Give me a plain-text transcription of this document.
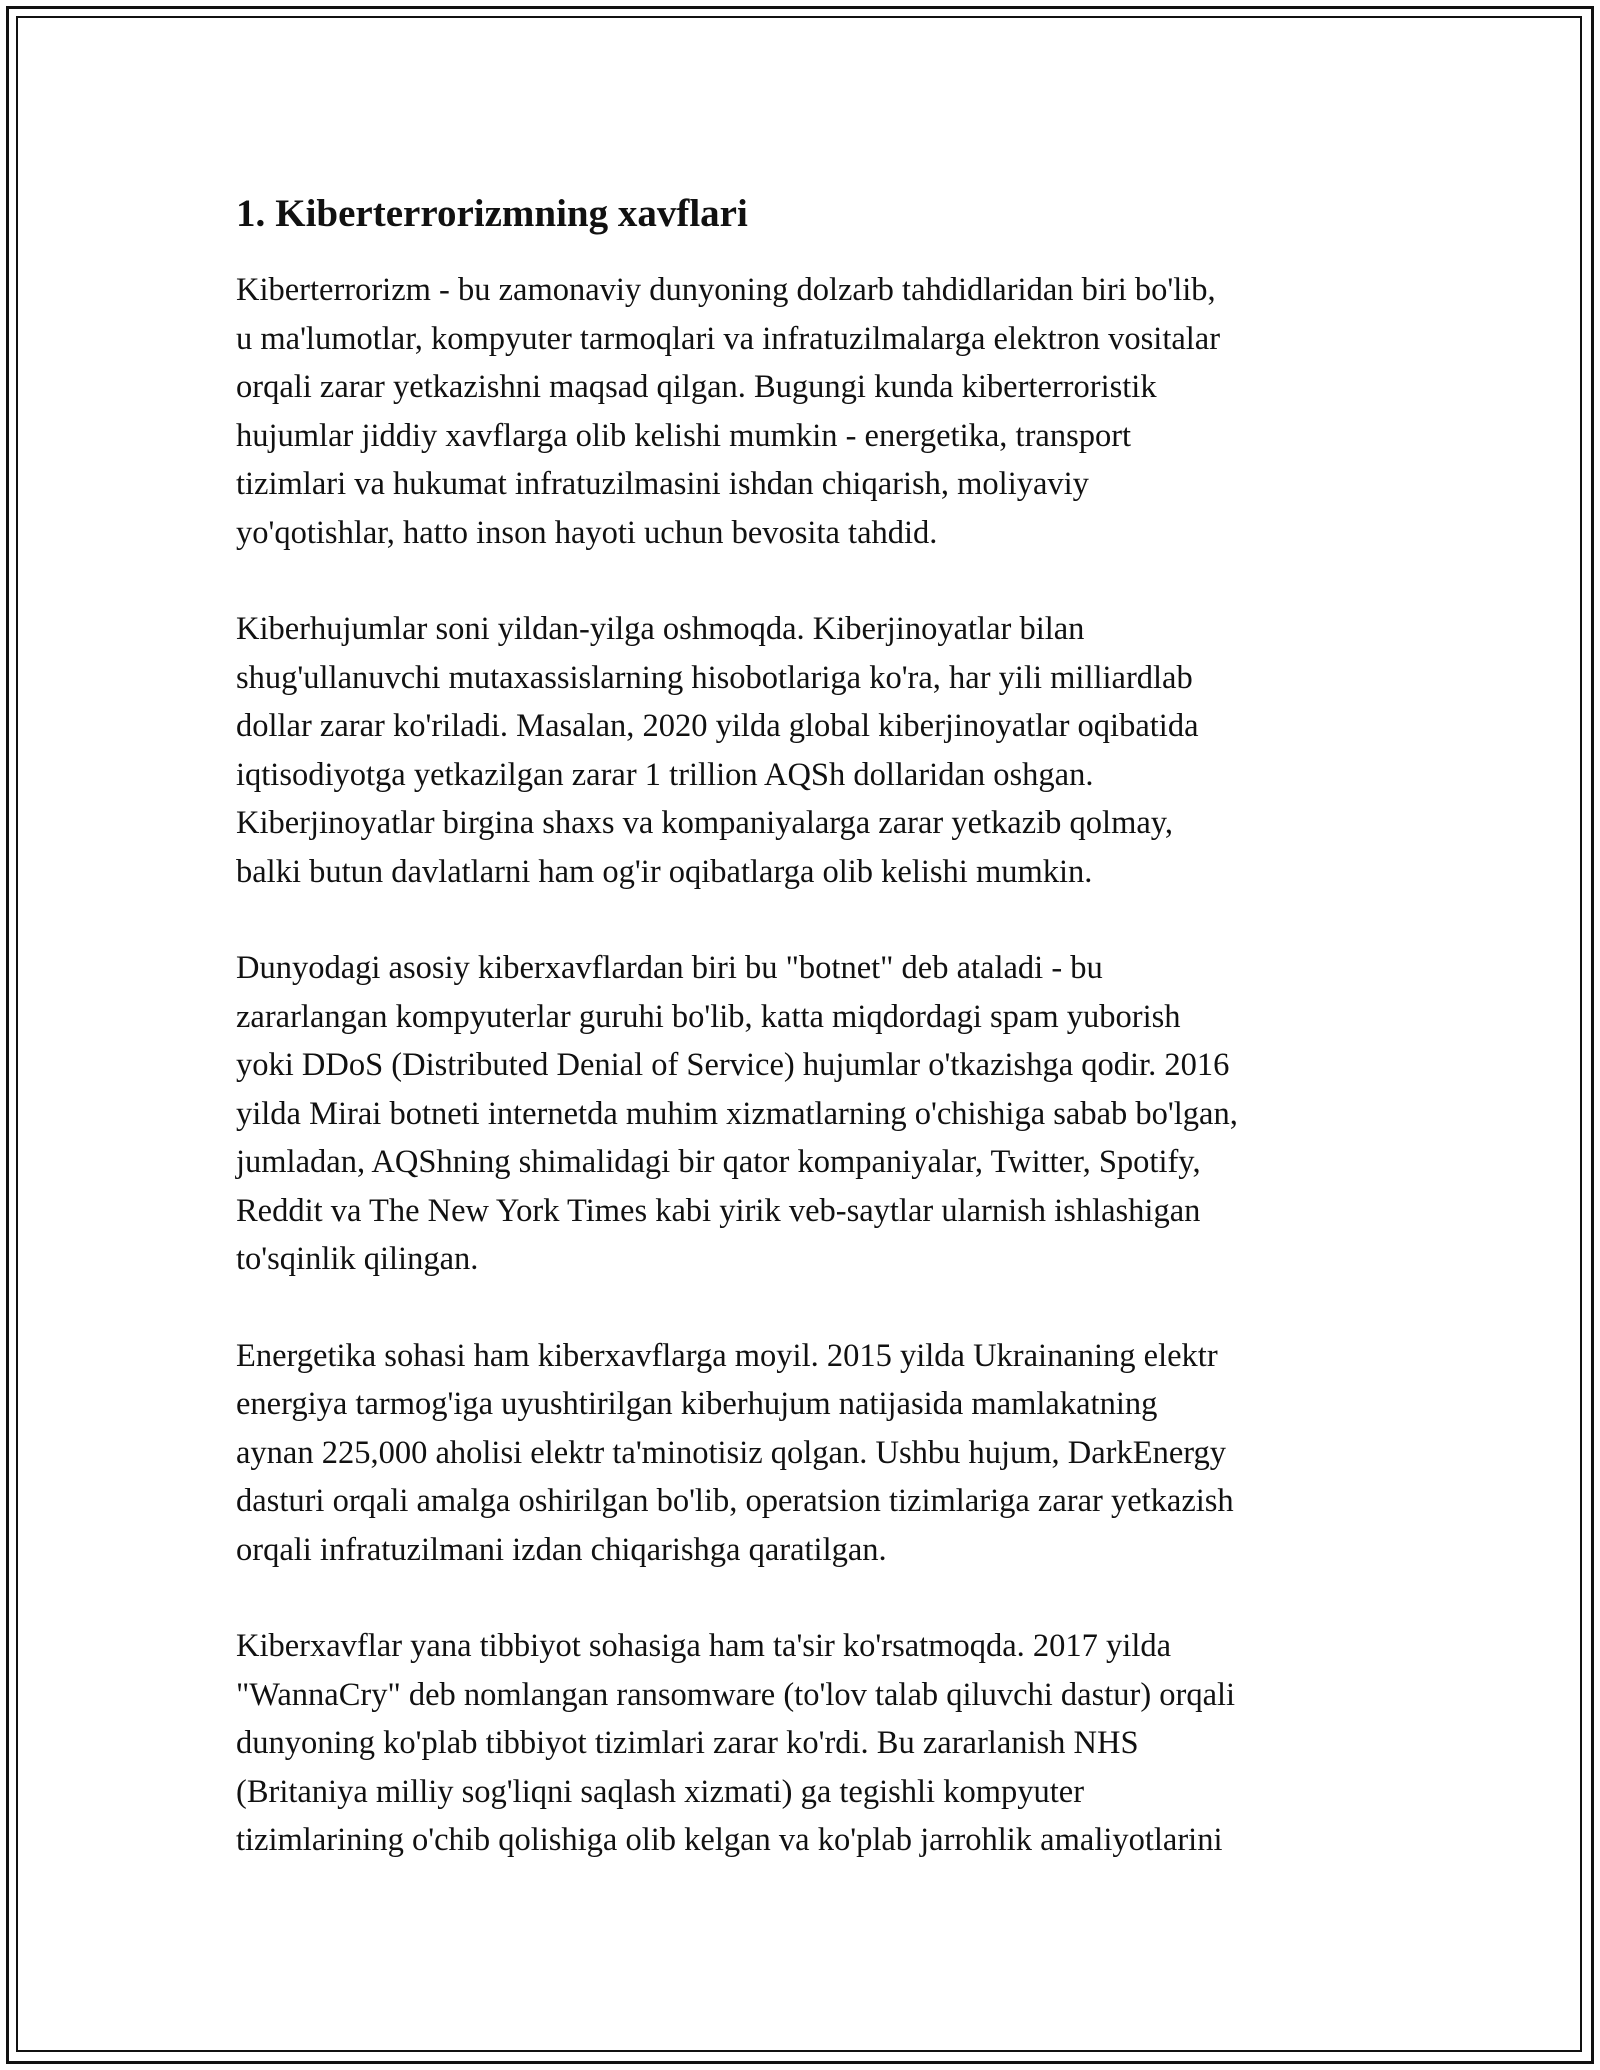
1. Kiberterrorizmning xavflari

Kiberterrorizm - bu zamonaviy dunyoning dolzarb tahdidlaridan biri bo'lib,
u ma'lumotlar, kompyuter tarmoqlari va infratuzilmalarga elektron vositalar
orqali zarar yetkazishni maqsad qilgan. Bugungi kunda kiberterroristik
hujumlar jiddiy xavflarga olib kelishi mumkin - energetika, transport
tizimlari va hukumat infratuzilmasini ishdan chiqarish, moliyaviy
yo'qotishlar, hatto inson hayoti uchun bevosita tahdid.

Kiberhujumlar soni yildan-yilga oshmoqda. Kiberjinoyatlar bilan
shug'ullanuvchi mutaxassislarning hisobotlariga ko'ra, har yili milliardlab
dollar zarar ko'riladi. Masalan, 2020 yilda global kiberjinoyatlar oqibatida
iqtisodiyotga yetkazilgan zarar 1 trillion AQSh dollaridan oshgan.
Kiberjinoyatlar birgina shaxs va kompaniyalarga zarar yetkazib qolmay,
balki butun davlatlarni ham og'ir oqibatlarga olib kelishi mumkin.

Dunyodagi asosiy kiberxavflardan biri bu "botnet" deb ataladi - bu
zararlangan kompyuterlar guruhi bo'lib, katta miqdordagi spam yuborish
yoki DDoS (Distributed Denial of Service) hujumlar o'tkazishga qodir. 2016
yilda Mirai botneti internetda muhim xizmatlarning o'chishiga sabab bo'lgan,
jumladan, AQShning shimalidagi bir qator kompaniyalar, Twitter, Spotify,
Reddit va The New York Times kabi yirik veb-saytlar ularnish ishlashigan
to'sqinlik qilingan.

Energetika sohasi ham kiberxavflarga moyil. 2015 yilda Ukrainaning elektr
energiya tarmog'iga uyushtirilgan kiberhujum natijasida mamlakatning
aynan 225,000 aholisi elektr ta'minotisiz qolgan. Ushbu hujum, DarkEnergy
dasturi orqali amalga oshirilgan bo'lib, operatsion tizimlariga zarar yetkazish
orqali infratuzilmani izdan chiqarishga qaratilgan.

Kiberxavflar yana tibbiyot sohasiga ham ta'sir ko'rsatmoqda. 2017 yilda
"WannaCry" deb nomlangan ransomware (to'lov talab qiluvchi dastur) orqali
dunyoning ko'plab tibbiyot tizimlari zarar ko'rdi. Bu zararlanish NHS
(Britaniya milliy sog'liqni saqlash xizmati) ga tegishli kompyuter
tizimlarining o'chib qolishiga olib kelgan va ko'plab jarrohlik amaliyotlarini
